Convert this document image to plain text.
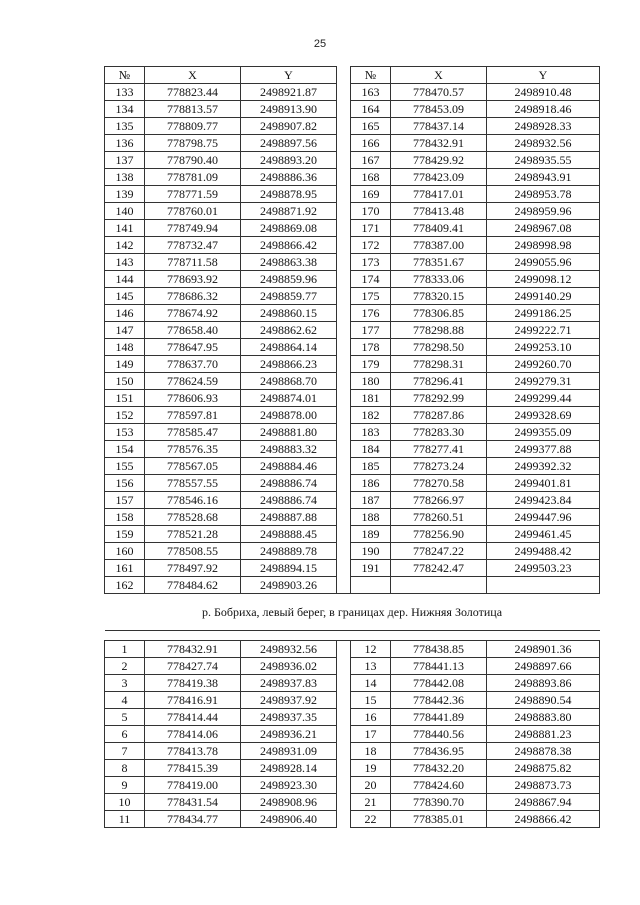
25
№	X	Y		№	X	Y
133	778823.44	2498921.87		163	778470.57	2498910.48
134	778813.57	2498913.90		164	778453.09	2498918.46
135	778809.77	2498907.82		165	778437.14	2498928.33
136	778798.75	2498897.56		166	778432.91	2498932.56
137	778790.40	2498893.20		167	778429.92	2498935.55
138	778781.09	2498886.36		168	778423.09	2498943.91
139	778771.59	2498878.95		169	778417.01	2498953.78
140	778760.01	2498871.92		170	778413.48	2498959.96
141	778749.94	2498869.08		171	778409.41	2498967.08
142	778732.47	2498866.42		172	778387.00	2498998.98
143	778711.58	2498863.38		173	778351.67	2499055.96
144	778693.92	2498859.96		174	778333.06	2499098.12
145	778686.32	2498859.77		175	778320.15	2499140.29
146	778674.92	2498860.15		176	778306.85	2499186.25
147	778658.40	2498862.62		177	778298.88	2499222.71
148	778647.95	2498864.14		178	778298.50	2499253.10
149	778637.70	2498866.23		179	778298.31	2499260.70
150	778624.59	2498868.70		180	778296.41	2499279.31
151	778606.93	2498874.01		181	778292.99	2499299.44
152	778597.81	2498878.00		182	778287.86	2499328.69
153	778585.47	2498881.80		183	778283.30	2499355.09
154	778576.35	2498883.32		184	778277.41	2499377.88
155	778567.05	2498884.46		185	778273.24	2499392.32
156	778557.55	2498886.74		186	778270.58	2499401.81
157	778546.16	2498886.74		187	778266.97	2499423.84
158	778528.68	2498887.88		188	778260.51	2499447.96
159	778521.28	2498888.45		189	778256.90	2499461.45
160	778508.55	2498889.78		190	778247.22	2499488.42
161	778497.92	2498894.15		191	778242.47	2499503.23
162	778484.62	2498903.26				
р. Бобриха, левый берег, в границах дер. Нижняя Золотица						

1	778432.91	2498932.56		12	778438.85	2498901.36
2	778427.74	2498936.02		13	778441.13	2498897.66
3	778419.38	2498937.83		14	778442.08	2498893.86
4	778416.91	2498937.92		15	778442.36	2498890.54
5	778414.44	2498937.35		16	778441.89	2498883.80
6	778414.06	2498936.21		17	778440.56	2498881.23
7	778413.78	2498931.09		18	778436.95	2498878.38
8	778415.39	2498928.14		19	778432.20	2498875.82
9	778419.00	2498923.30		20	778424.60	2498873.73
10	778431.54	2498908.96		21	778390.70	2498867.94
11	778434.77	2498906.40		22	778385.01	2498866.42
